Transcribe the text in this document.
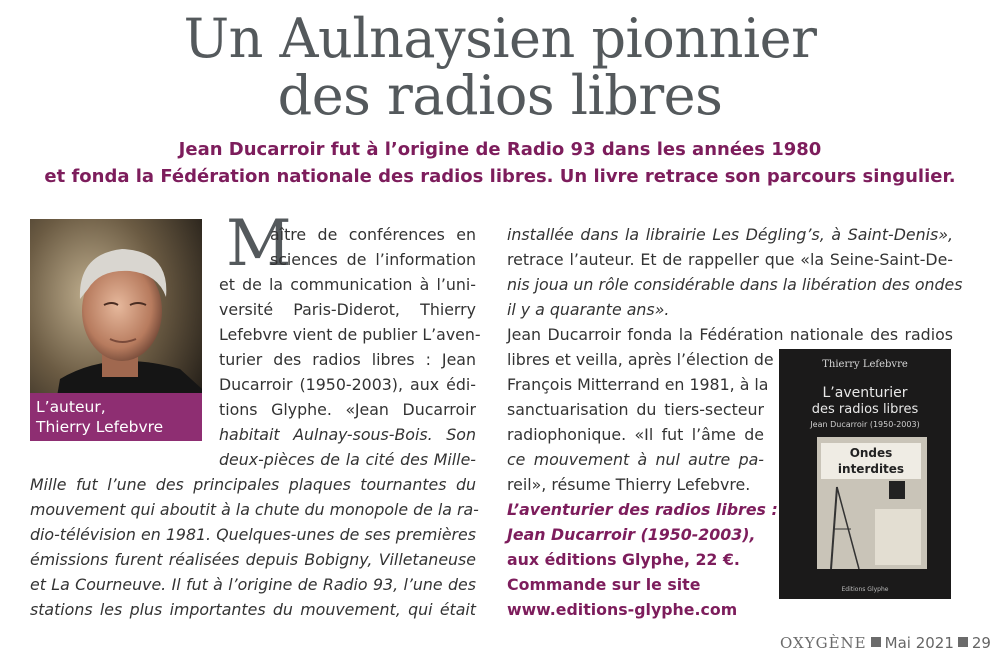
Un Aulnaysien pionnier
des radios libres
Jean Ducarroir fut à l’origine de Radio 93 dans les années 1980
et fonda la Fédération nationale des radios libres. Un livre retrace son parcours singulier.
L’auteur,
Thierry Lefebvre
M
aître de conférences en
sciences de l’information
et de la communication à l’uni-
versité Paris-Diderot, Thierry
Lefebvre vient de publier L’aven-
turier des radios libres : Jean
Ducarroir (1950-2003), aux édi-
tions Glyphe. «Jean Ducarroir
habitait Aulnay-sous-Bois. Son
deux-pièces de la cité des Mille-
Mille fut l’une des principales plaques tournantes du
mouvement qui aboutit à la chute du monopole de la ra-
dio-télévision en 1981. Quelques-unes de ses premières
émissions furent réalisées depuis Bobigny, Villetaneuse
et La Courneuve. Il fut à l’origine de Radio 93, l’une des
stations les plus importantes du mouvement, qui était
installée dans la librairie Les Dégling’s, à Saint-Denis»,
retrace l’auteur. Et de rappeller que «la Seine-Saint-De-
nis joua un rôle considérable dans la libération des ondes
il y a quarante ans».
Jean Ducarroir fonda la Fédération nationale des radios
libres et veilla, après l’élection de
François Mitterrand en 1981, à la
sanctuarisation du tiers-secteur
radiophonique. «Il fut l’âme de
ce mouvement à nul autre pa-
reil», résume Thierry Lefebvre.
L’aventurier des radios libres :
Jean Ducarroir (1950-2003),
aux éditions Glyphe, 22 €.
Commande sur le site
www.editions-glyphe.com
Thierry Lefebvre
L’aventurier
des radios libres
Jean Ducarroir (1950-2003)
Ondes
interdites
Editions Glyphe
OXYGÈNE Mai 2021 29
